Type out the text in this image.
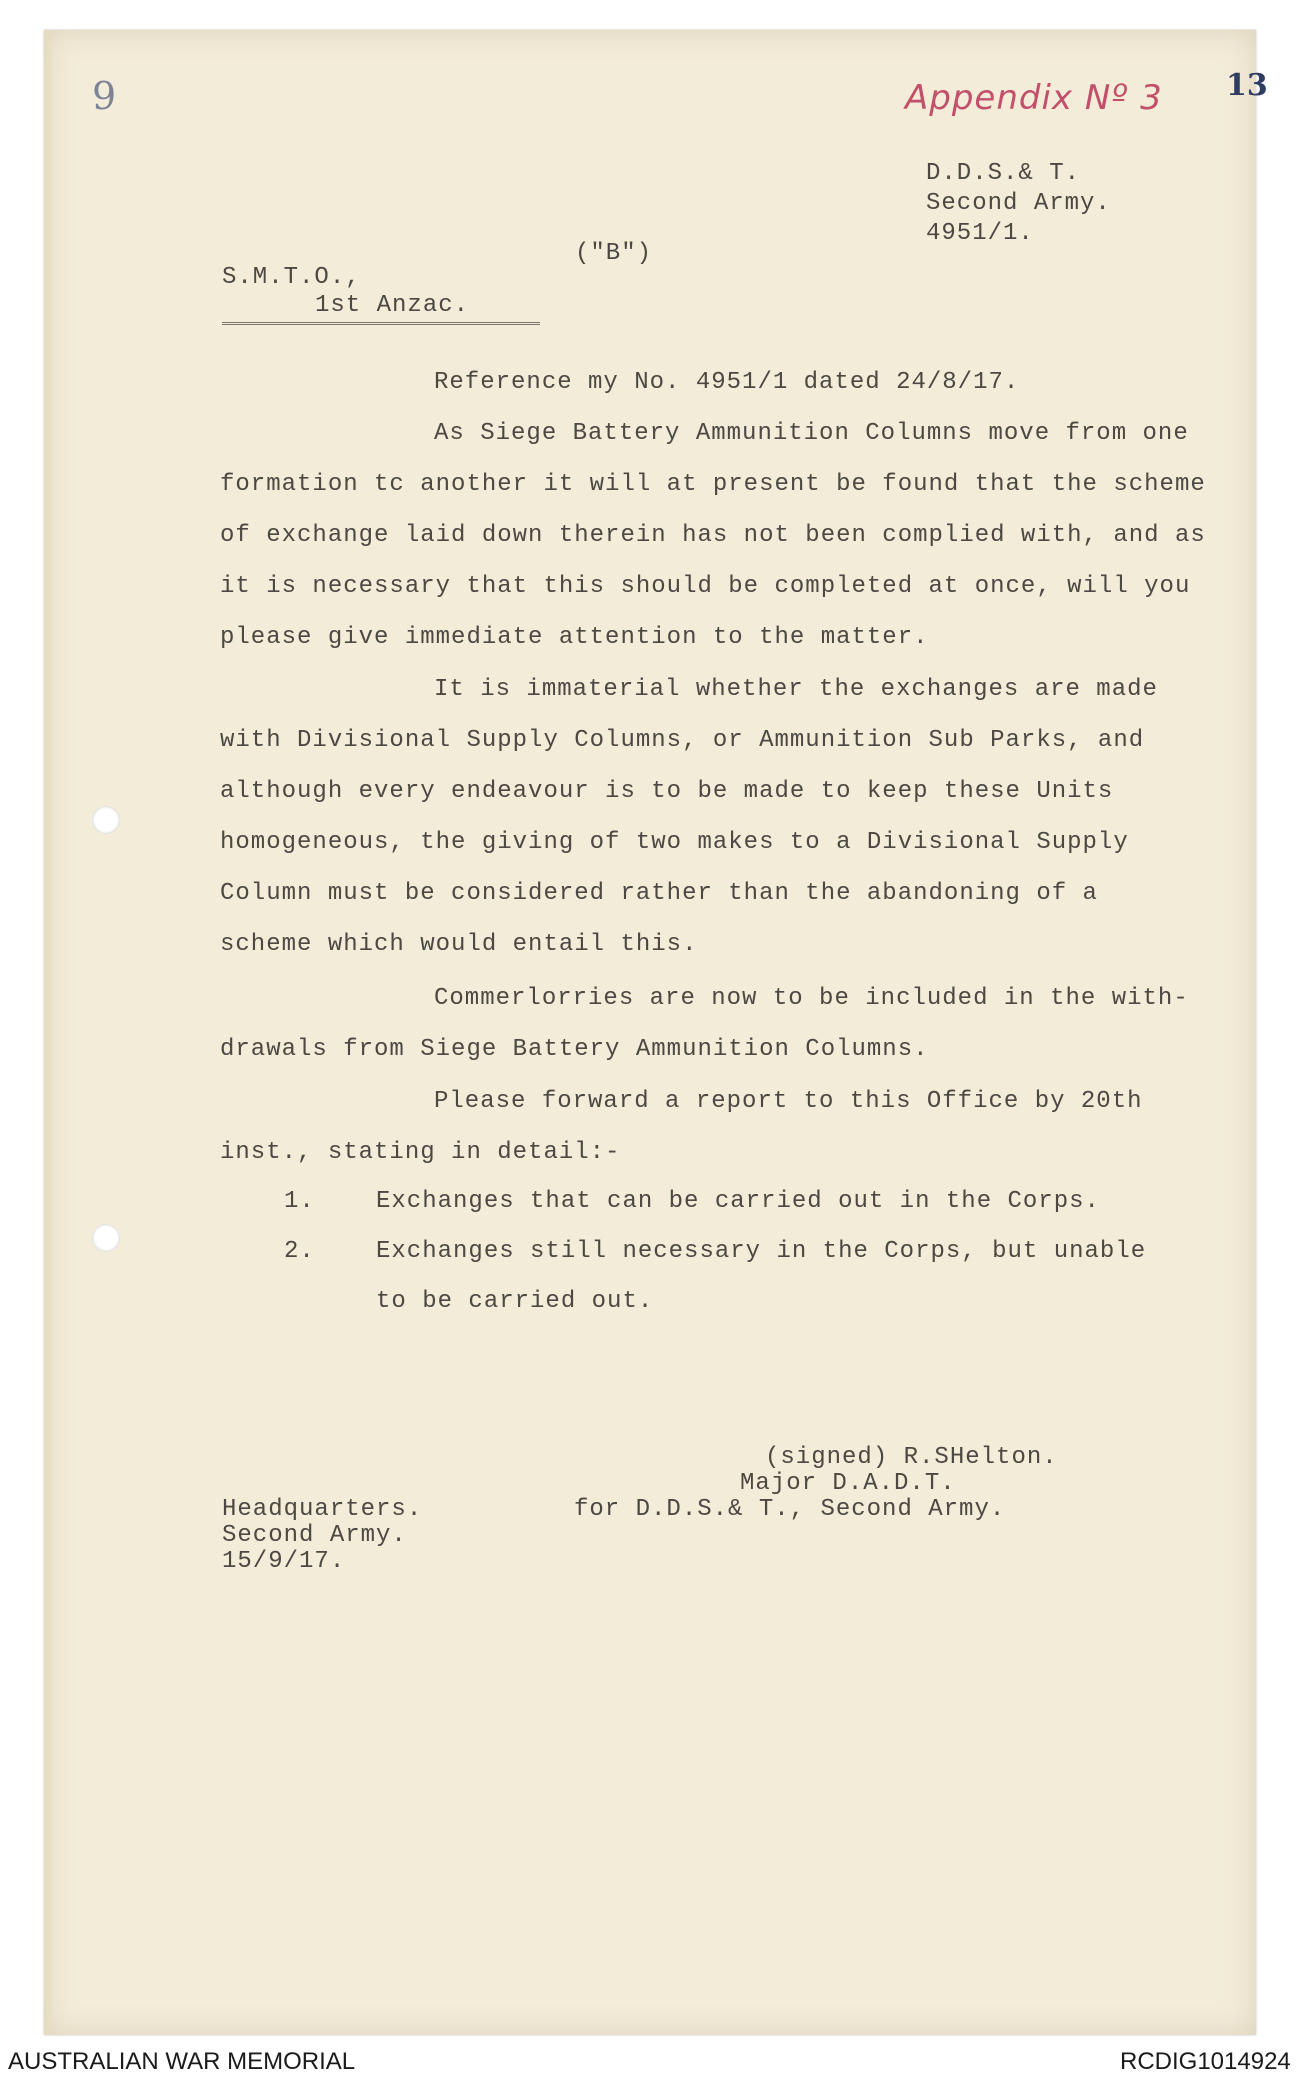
9	13
Appendix Nº 3
D.D.S.& T.
Second Army.
4951/1.
("B")
S.M.T.O.,
1st Anzac.
Reference my No. 4951/1 dated 24/8/17.
As Siege Battery Ammunition Columns move from one
formation tc another it will at present be found that the scheme
of exchange laid down therein has not been complied with, and as
it is necessary that this should be completed at once, will you
please give immediate attention to the matter.
It is immaterial whether the exchanges are made
with Divisional Supply Columns, or Ammunition Sub Parks, and
although every endeavour is to be made to keep these Units
homogeneous, the giving of two makes to a Divisional Supply
Column must be considered rather than the abandoning of a
scheme which would entail this.
Commerlorries are now to be included in the with-
drawals from Siege Battery Ammunition Columns.
Please forward a report to this Office by 20th
inst., stating in detail:-
1.	Exchanges that can be carried out in the Corps.
2.	Exchanges still necessary in the Corps, but unable
to be carried out.
(signed) R.SHelton.
Major D.A.D.T.
for D.D.S.& T., Second Army.
Headquarters.
Second Army.
15/9/17.
AUSTRALIAN WAR MEMORIAL	RCDIG1014924
